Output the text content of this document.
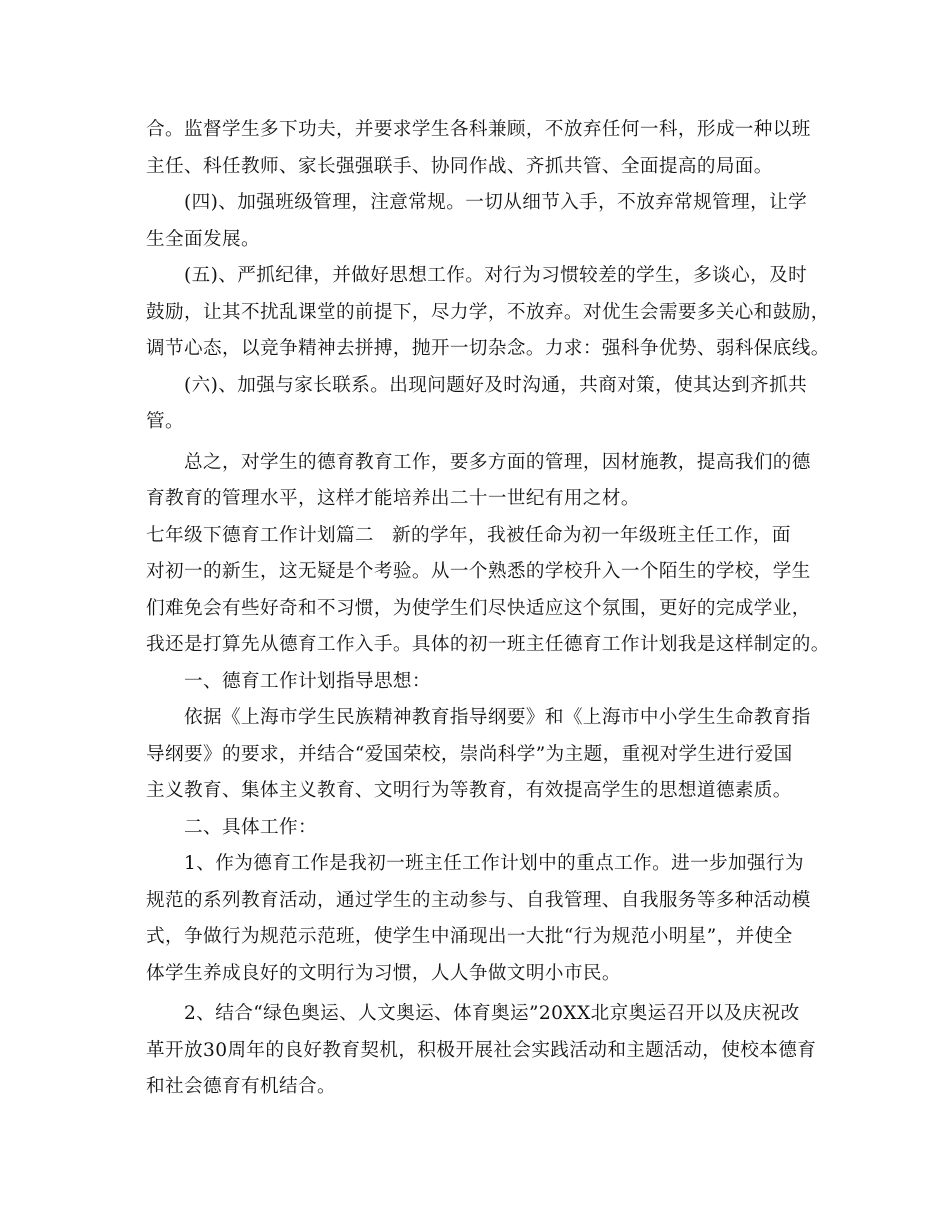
合。监督学生多下功夫，并要求学生各科兼顾，不放弃任何一科，形成一种以班
主任、科任教师、家长强强联手、协同作战、齐抓共管、全面提高的局面。
(四)、加强班级管理，注意常规。一切从细节入手，不放弃常规管理，让学
生全面发展。
(五)、严抓纪律，并做好思想工作。对行为习惯较差的学生，多谈心，及时
鼓励，让其不扰乱课堂的前提下，尽力学，不放弃。对优生会需要多关心和鼓励，
调节心态，以竞争精神去拼搏，抛开一切杂念。力求：强科争优势、弱科保底线。
(六)、加强与家长联系。出现问题好及时沟通，共商对策，使其达到齐抓共
管。
总之，对学生的德育教育工作，要多方面的管理，因材施教，提高我们的德
育教育的管理水平，这样才能培养出二十一世纪有用之材。
七年级下德育工作计划篇二 新的学年，我被任命为初一年级班主任工作，面
对初一的新生，这无疑是个考验。从一个熟悉的学校升入一个陌生的学校，学生
们难免会有些好奇和不习惯，为使学生们尽快适应这个氛围，更好的完成学业，
我还是打算先从德育工作入手。具体的初一班主任德育工作计划我是这样制定的。
一、德育工作计划指导思想：
依据《上海市学生民族精神教育指导纲要》和《上海市中小学生生命教育指
导纲要》的要求，并结合“爱国荣校，崇尚科学”为主题，重视对学生进行爱国
主义教育、集体主义教育、文明行为等教育，有效提高学生的思想道德素质。
二、具体工作：
1、作为德育工作是我初一班主任工作计划中的重点工作。进一步加强行为
规范的系列教育活动，通过学生的主动参与、自我管理、自我服务等多种活动模
式，争做行为规范示范班，使学生中涌现出一大批“行为规范小明星”，并使全
体学生养成良好的文明行为习惯，人人争做文明小市民。
2、结合“绿色奥运、人文奥运、体育奥运”20XX北京奥运召开以及庆祝改
革开放30周年的良好教育契机，积极开展社会实践活动和主题活动，使校本德育
和社会德育有机结合。
